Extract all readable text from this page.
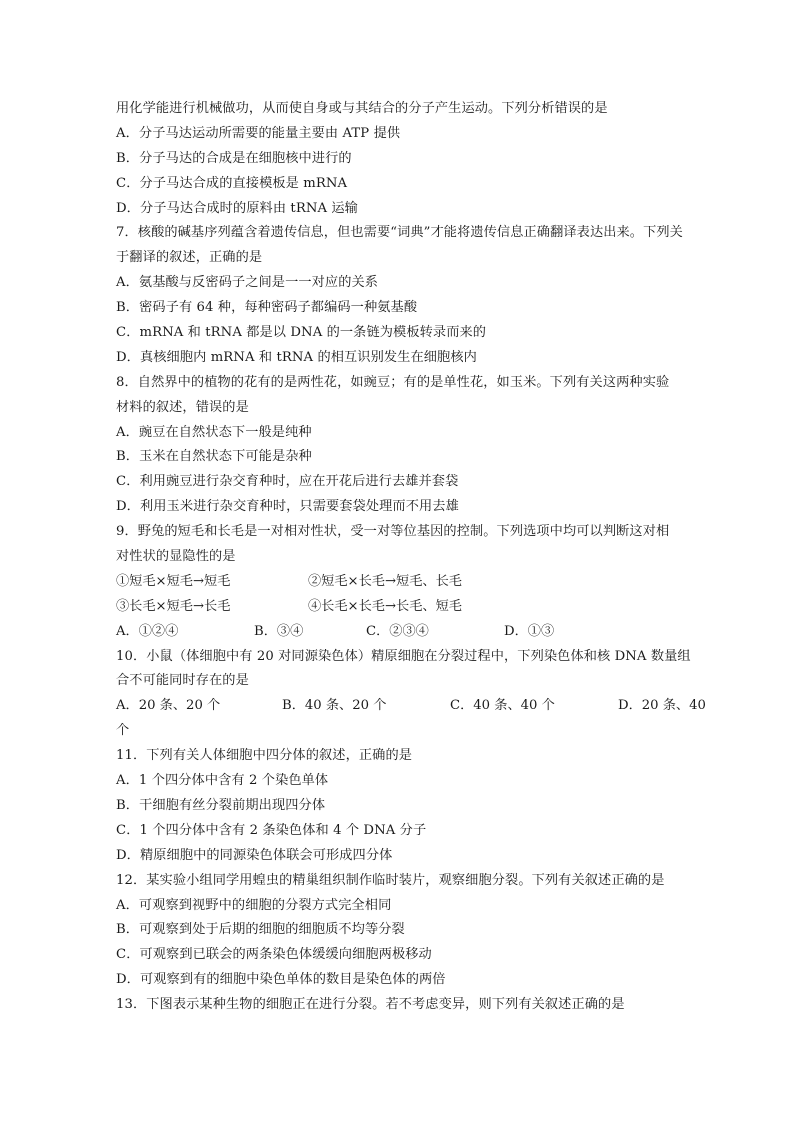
用化学能进行机械做功，从而使自身或与其结合的分子产生运动。下列分析错误的是
A．分子马达运动所需要的能量主要由 ATP 提供
B．分子马达的合成是在细胞核中进行的
C．分子马达合成的直接模板是 mRNA
D．分子马达合成时的原料由 tRNA 运输
7．核酸的碱基序列蕴含着遗传信息，但也需要“词典”才能将遗传信息正确翻译表达出来。下列关
于翻译的叙述，正确的是
A．氨基酸与反密码子之间是一一对应的关系
B．密码子有 64 种，每种密码子都编码一种氨基酸
C．mRNA 和 tRNA 都是以 DNA 的一条链为模板转录而来的
D．真核细胞内 mRNA 和 tRNA 的相互识别发生在细胞核内
8．自然界中的植物的花有的是两性花，如豌豆；有的是单性花，如玉米。下列有关这两种实验
材料的叙述，错误的是
A．豌豆在自然状态下一般是纯种
B．玉米在自然状态下可能是杂种
C．利用豌豆进行杂交育种时，应在开花后进行去雄并套袋
D．利用玉米进行杂交育种时，只需要套袋处理而不用去雄
9．野兔的短毛和长毛是一对相对性状，受一对等位基因的控制。下列选项中均可以判断这对相
对性状的显隐性的是
①短毛×短毛→短毛	②短毛×长毛→短毛、长毛
③长毛×短毛→长毛	④长毛×长毛→长毛、短毛
A．①②④	B．③④	C．②③④	D．①③
10．小鼠（体细胞中有 20 对同源染色体）精原细胞在分裂过程中，下列染色体和核 DNA 数量组
合不可能同时存在的是
A．20 条、20 个	B．40 条、20 个	C．40 条、40 个	D．20 条、40
个
11．下列有关人体细胞中四分体的叙述，正确的是
A．1 个四分体中含有 2 个染色单体
B．干细胞有丝分裂前期出现四分体
C．1 个四分体中含有 2 条染色体和 4 个 DNA 分子
D．精原细胞中的同源染色体联会可形成四分体
12．某实验小组同学用蝗虫的精巢组织制作临时装片，观察细胞分裂。下列有关叙述正确的是
A．可观察到视野中的细胞的分裂方式完全相同
B．可观察到处于后期的细胞的细胞质不均等分裂
C．可观察到已联会的两条染色体缓缓向细胞两极移动
D．可观察到有的细胞中染色单体的数目是染色体的两倍
13．下图表示某种生物的细胞正在进行分裂。若不考虑变异，则下列有关叙述正确的是
